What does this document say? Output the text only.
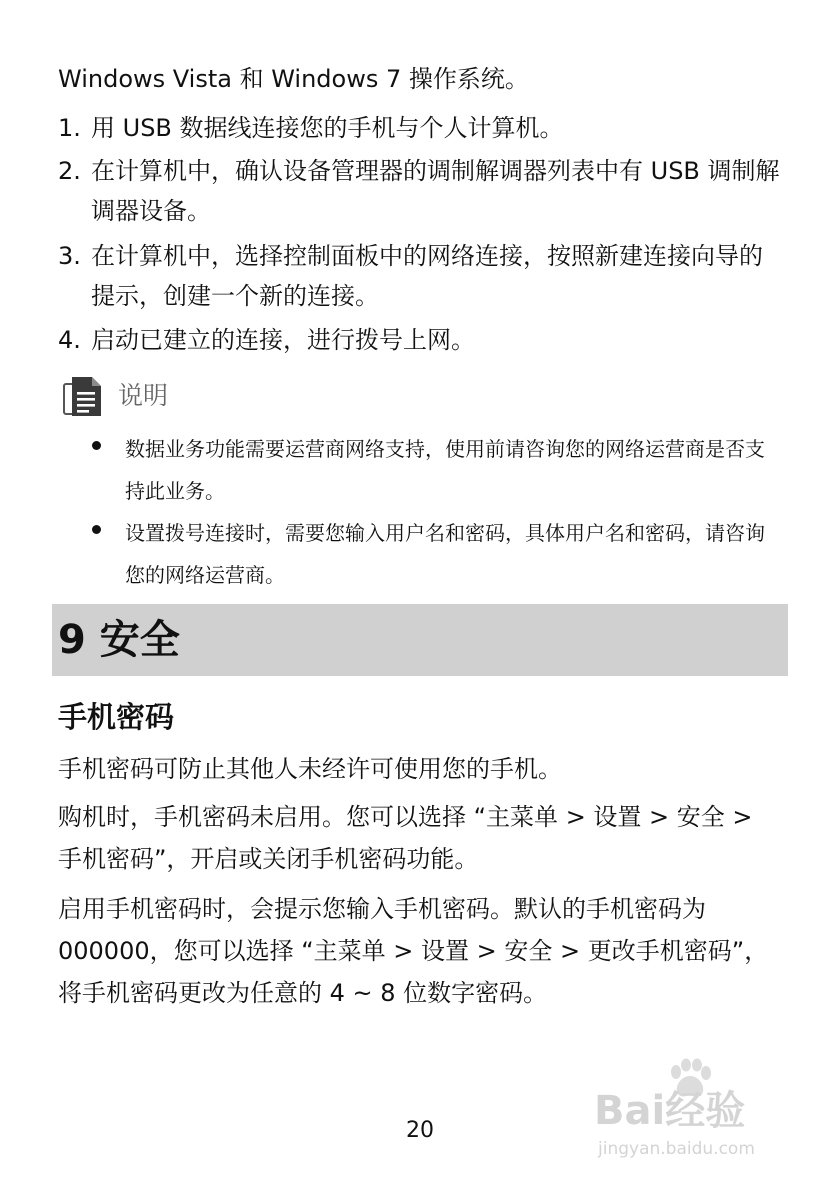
Windows Vista 和 Windows 7 操作系统。

1. 用 USB 数据线连接您的手机与个人计算机。
2. 在计算机中，确认设备管理器的调制解调器列表中有 USB 调制解调器设备。
3. 在计算机中，选择控制面板中的网络连接，按照新建连接向导的提示，创建一个新的连接。
4. 启动已建立的连接，进行拨号上网。
说明
数据业务功能需要运营商网络支持，使用前请咨询您的网络运营商是否支持此业务。
设置拨号连接时，需要您输入用户名和密码，具体用户名和密码，请咨询您的网络运营商。
9 安全
手机密码

手机密码可防止其他人未经许可使用您的手机。

购机时，手机密码未启用。您可以选择 “主菜单 > 设置 > 安全 > 手机密码”，开启或关闭手机密码功能。

启用手机密码时，会提示您输入手机密码。默认的手机密码为 000000，您可以选择 “主菜单 > 设置 > 安全 > 更改手机密码”，将手机密码更改为任意的 4 ~ 8 位数字密码。

20	Bai经验
jingyan.baidu.com
